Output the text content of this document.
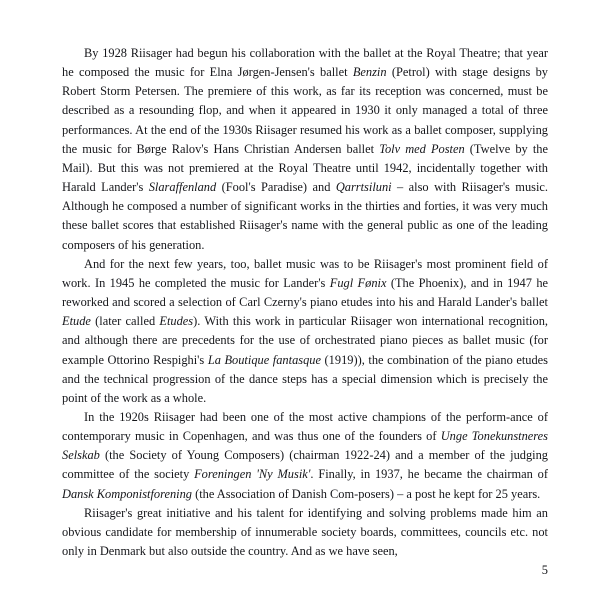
By 1928 Riisager had begun his collaboration with the ballet at the Royal Theatre; that year he composed the music for Elna Jørgen-Jensen's ballet Benzin (Petrol) with stage designs by Robert Storm Petersen. The premiere of this work, as far its reception was concerned, must be described as a resounding flop, and when it appeared in 1930 it only managed a total of three performances. At the end of the 1930s Riisager resumed his work as a ballet composer, supplying the music for Børge Ralov's Hans Christian Andersen ballet Tolv med Posten (Twelve by the Mail). But this was not premiered at the Royal Theatre until 1942, incidentally together with Harald Lander's Slaraffenland (Fool's Paradise) and Qarrtsiluni – also with Riisager's music. Although he composed a number of significant works in the thirties and forties, it was very much these ballet scores that established Riisager's name with the general public as one of the leading composers of his generation.

And for the next few years, too, ballet music was to be Riisager's most prominent field of work. In 1945 he completed the music for Lander's Fugl Fønix (The Phoenix), and in 1947 he reworked and scored a selection of Carl Czerny's piano etudes into his and Harald Lander's ballet Etude (later called Etudes). With this work in particular Riisager won international recognition, and although there are precedents for the use of orchestrated piano pieces as ballet music (for example Ottorino Respighi's La Boutique fantasque (1919)), the combination of the piano etudes and the technical progression of the dance steps has a special dimension which is precisely the point of the work as a whole.

In the 1920s Riisager had been one of the most active champions of the perform-ance of contemporary music in Copenhagen, and was thus one of the founders of Unge Tonekunstneres Selskab (the Society of Young Composers) (chairman 1922-24) and a member of the judging committee of the society Foreningen 'Ny Musik'. Finally, in 1937, he became the chairman of Dansk Komponistforening (the Association of Danish Com-posers) – a post he kept for 25 years.

Riisager's great initiative and his talent for identifying and solving problems made him an obvious candidate for membership of innumerable society boards, committees, councils etc. not only in Denmark but also outside the country. And as we have seen,

5
